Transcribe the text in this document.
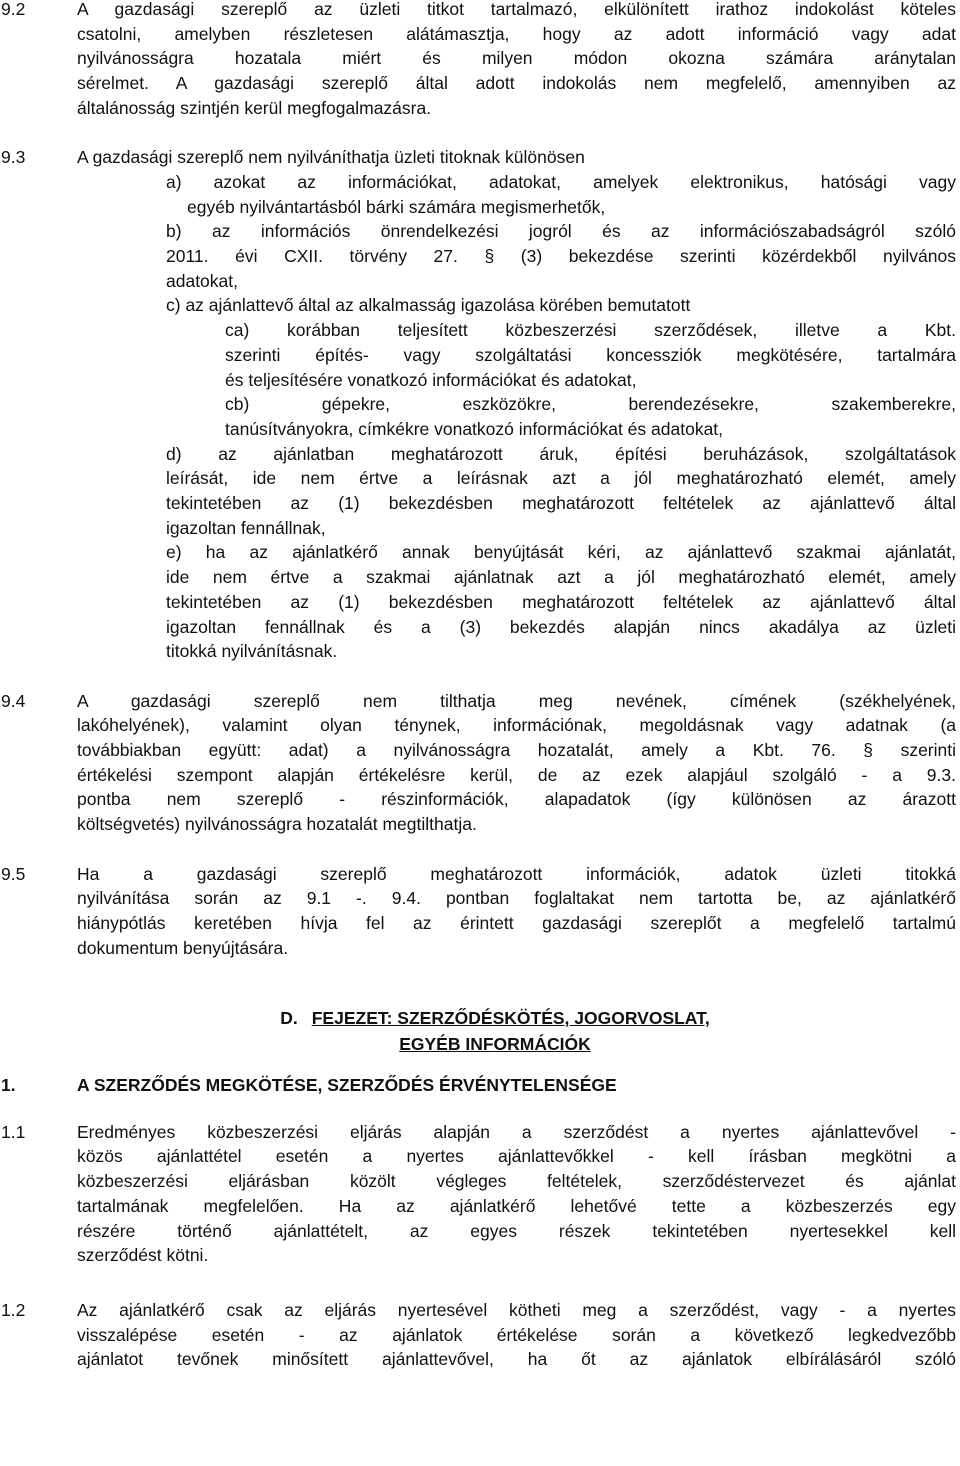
9.2	A gazdasági szereplő az üzleti titkot tartalmazó, elkülönített irathoz indokolást köteles
csatolni, amelyben részletesen alátámasztja, hogy az adott információ vagy adat
nyilvánosságra hozatala miért és milyen módon okozna számára aránytalan
sérelmet. A gazdasági szereplő által adott indokolás nem megfelelő, amennyiben az
általánosság szintjén kerül megfogalmazásra.
9.3	A gazdasági szereplő nem nyilváníthatja üzleti titoknak különösen
a) azokat az információkat, adatokat, amelyek elektronikus, hatósági vagy
egyéb nyilvántartásból bárki számára megismerhetők,
b) az információs önrendelkezési jogról és az információszabadságról szóló
2011. évi CXII. törvény 27. § (3) bekezdése szerinti közérdekből nyilvános
adatokat,
c) az ajánlattevő által az alkalmasság igazolása körében bemutatott
ca) korábban teljesített közbeszerzési szerződések, illetve a Kbt.
szerinti építés- vagy szolgáltatási koncessziók megkötésére, tartalmára
és teljesítésére vonatkozó információkat és adatokat,
cb) gépekre, eszközökre, berendezésekre, szakemberekre,
tanúsítványokra, címkékre vonatkozó információkat és adatokat,
d) az ajánlatban meghatározott áruk, építési beruházások, szolgáltatások
leírását, ide nem értve a leírásnak azt a jól meghatározható elemét, amely
tekintetében az (1) bekezdésben meghatározott feltételek az ajánlattevő által
igazoltan fennállnak,
e) ha az ajánlatkérő annak benyújtását kéri, az ajánlattevő szakmai ajánlatát,
ide nem értve a szakmai ajánlatnak azt a jól meghatározható elemét, amely
tekintetében az (1) bekezdésben meghatározott feltételek az ajánlattevő által
igazoltan fennállnak és a (3) bekezdés alapján nincs akadálya az üzleti
titokká nyilvánításnak.
9.4	A gazdasági szereplő nem tilthatja meg nevének, címének (székhelyének,
lakóhelyének), valamint olyan ténynek, információnak, megoldásnak vagy adatnak (a
továbbiakban együtt: adat) a nyilvánosságra hozatalát, amely a Kbt. 76. § szerinti
értékelési szempont alapján értékelésre kerül, de az ezek alapjául szolgáló - a 9.3.
pontba nem szereplő - részinformációk, alapadatok (így különösen az árazott
költségvetés) nyilvánosságra hozatalát megtilthatja.
9.5	Ha a gazdasági szereplő meghatározott információk, adatok üzleti titokká
nyilvánítása során az 9.1 -. 9.4. pontban foglaltakat nem tartotta be, az ajánlatkérő
hiánypótlás keretében hívja fel az érintett gazdasági szereplőt a megfelelő tartalmú
dokumentum benyújtására.
D. FEJEZET: SZERZŐDÉSKÖTÉS, JOGORVOSLAT,
EGYÉB INFORMÁCIÓK
1.	A SZERZŐDÉS MEGKÖTÉSE, SZERZŐDÉS ÉRVÉNYTELENSÉGE
1.1	Eredményes közbeszerzési eljárás alapján a szerződést a nyertes ajánlattevővel -
közös ajánlattétel esetén a nyertes ajánlattevőkkel - kell írásban megkötni a
közbeszerzési eljárásban közölt végleges feltételek, szerződéstervezet és ajánlat
tartalmának megfelelően. Ha az ajánlatkérő lehetővé tette a közbeszerzés egy
részére történő ajánlattételt, az egyes részek tekintetében nyertesekkel kell
szerződést kötni.
1.2	Az ajánlatkérő csak az eljárás nyertesével kötheti meg a szerződést, vagy - a nyertes
visszalépése esetén - az ajánlatok értékelése során a következő legkedvezőbb
ajánlatot tevőnek minősített ajánlattevővel, ha őt az ajánlatok elbírálásáról szóló
